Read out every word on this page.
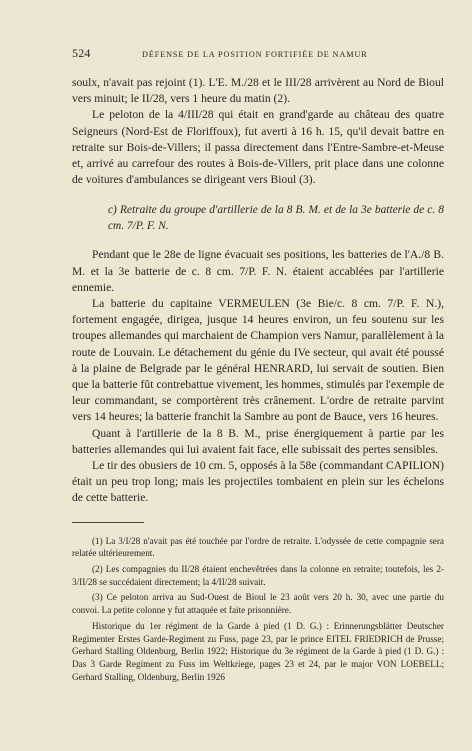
524	DÉFENSE DE LA POSITION FORTIFIÉE DE NAMUR

soulx, n'avait pas rejoint (1). L'E. M./28 et le III/28 arrivèrent au Nord de Bioul vers minuit; le II/28, vers 1 heure du matin (2).

Le peloton de la 4/III/28 qui était en grand'garde au château des quatre Seigneurs (Nord-Est de Floriffoux), fut averti à 16 h. 15, qu'il devait battre en retraite sur Bois-de-Villers; il passa directement dans l'Entre-Sambre-et-Meuse et, arrivé au carrefour des routes à Bois-de-Villers, prit place dans une colonne de voitures d'ambulances se dirigeant vers Bioul (3).

c) Retraite du groupe d'artillerie de la 8 B. M. et de la 3e batterie de c. 8 cm. 7/P. F. N.

Pendant que le 28e de ligne évacuait ses positions, les batteries de l'A./8 B. M. et la 3e batterie de c. 8 cm. 7/P. F. N. étaient accablées par l'artillerie ennemie.

La batterie du capitaine VERMEULEN (3e Bie/c. 8 cm. 7/P. F. N.), fortement engagée, dirigea, jusque 14 heures environ, un feu soutenu sur les troupes allemandes qui marchaient de Champion vers Namur, parallèlement à la route de Louvain. Le détachement du génie du IVe secteur, qui avait été poussé à la plaine de Belgrade par le général HENRARD, lui servait de soutien. Bien que la batterie fût contrebattue vivement, les hommes, stimulés par l'exemple de leur commandant, se comportèrent très crânement. L'ordre de retraite parvint vers 14 heures; la batterie franchit la Sambre au pont de Bauce, vers 16 heures.

Quant à l'artillerie de la 8 B. M., prise énergiquement à partie par les batteries allemandes qui lui avaient fait face, elle subissait des pertes sensibles.

Le tir des obusiers de 10 cm. 5, opposés à la 58e (commandant CAPILION) était un peu trop long; mais les projectiles tombaient en plein sur les échelons de cette batterie.

(1) La 3/I/28 n'avait pas été touchée par l'ordre de retraite. L'odyssée de cette compagnie sera relatée ultérieurement.

(2) Les compagnies du II/28 étaient enchevêtrées dans la colonne en retraite; toutefois, les 2-3/II/28 se succédaient directement; la 4/II/28 suivait.

(3) Ce peloton arriva au Sud-Ouest de Bioul le 23 août vers 20 h. 30, avec une partie du convoi. La petite colonne y fut attaquée et faite prisonnière.

Historique du 1er régiment de la Garde à pied (1 D. G.) : Erinnerungsblätter Deutscher Regimenter Erstes Garde-Regiment zu Fuss, page 23, par le prince EITEL FRIEDRICH de Prusse; Gerhard Stalling Oldenburg, Berlin 1922; Historique du 3e régiment de la Garde à pied (1 D. G.) : Das 3 Garde Regiment zu Fuss im Weltkriege, pages 23 et 24, par le major VON LOEBELL; Gerhard Stalling, Oldenburg, Berlin 1926
